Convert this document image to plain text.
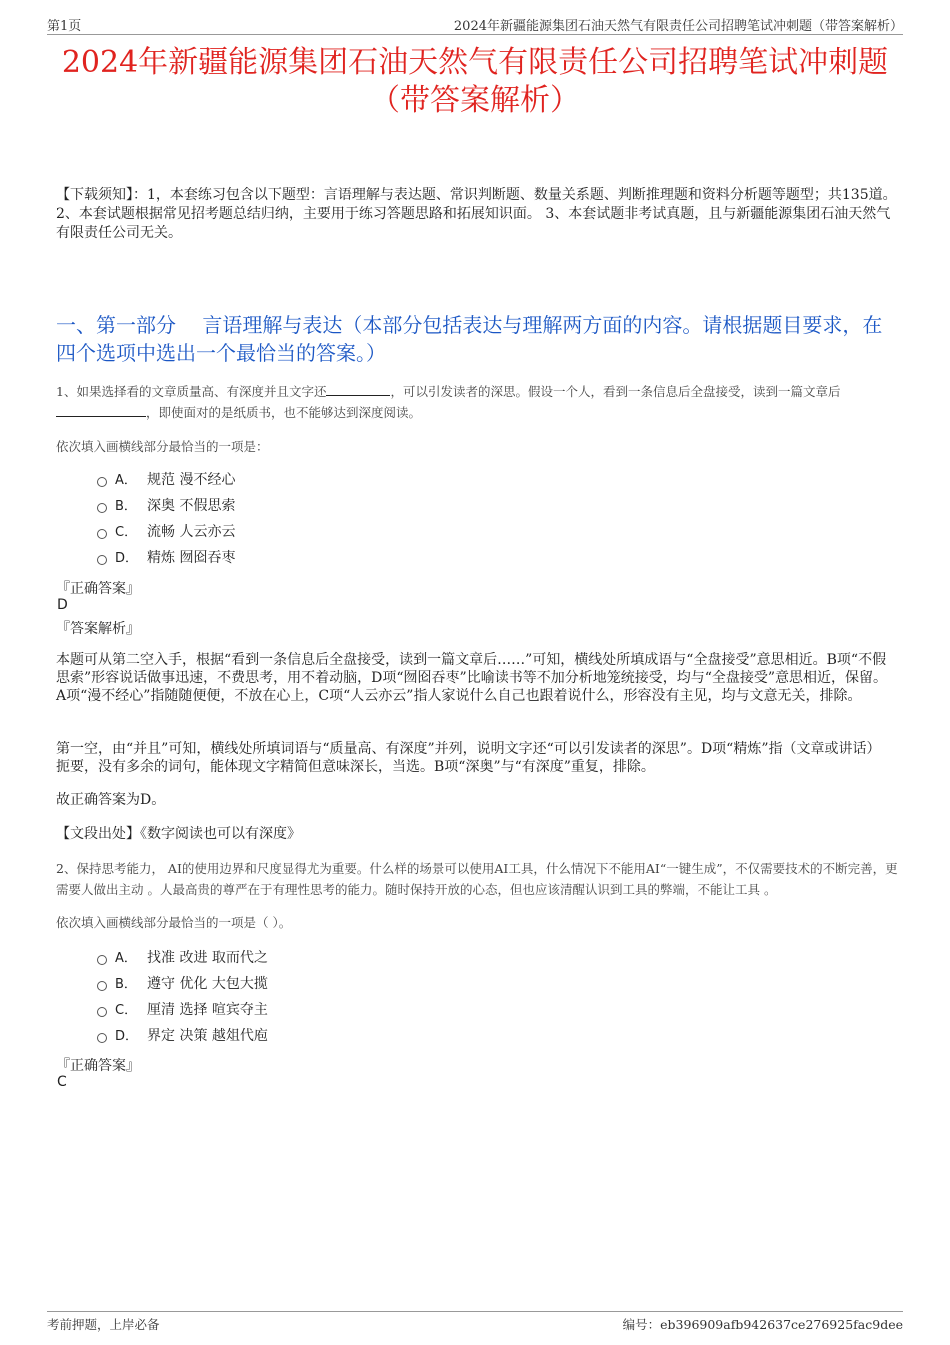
第1页	2024年新疆能源集团石油天然气有限责任公司招聘笔试冲刺题（带答案解析）
2024年新疆能源集团石油天然气有限责任公司招聘笔试冲刺题
（带答案解析）
【下载须知】：1，本套练习包含以下题型：言语理解与表达题、常识判断题、数量关系题、判断推理题和资料分析题等题型；共135道。 2、本套试题根据常见招考题总结归纳，主要用于练习答题思路和拓展知识面。 3、本套试题非考试真题，且与新疆能源集团石油天然气有限责任公司无关。
一、第一部分　 言语理解与表达（本部分包括表达与理解两方面的内容。请根据题目要求，在四个选项中选出一个最恰当的答案。）
1、如果选择看的文章质量高、有深度并且文字还	，可以引发读者的深思。假设一个人，看到一条信息后全盘接受，读到一篇文章后，即使面对的是纸质书，也不能够达到深度阅读。
依次填入画横线部分最恰当的一项是：
A． 规范 漫不经心
B． 深奥 不假思索
C． 流畅 人云亦云
D． 精炼 囫囵吞枣
『正确答案』
D
『答案解析』
本题可从第二空入手，根据“看到一条信息后全盘接受，读到一篇文章后……”可知，横线处所填成语与“全盘接受”意思相近。B项“不假思索”形容说话做事迅速，不费思考，用不着动脑，D项“囫囵吞枣”比喻读书等不加分析地笼统接受，均与“全盘接受”意思相近，保留。A项“漫不经心”指随随便便，不放在心上，C项“人云亦云”指人家说什么自己也跟着说什么，形容没有主见，均与文意无关，排除。
第一空，由“并且”可知，横线处所填词语与“质量高、有深度”并列，说明文字还“可以引发读者的深思”。D项“精炼”指（文章或讲话）扼要，没有多余的词句，能体现文字精简但意味深长，当选。B项“深奥”与“有深度”重复，排除。
故正确答案为D。
【文段出处】《数字阅读也可以有深度》
2、保持思考能力， AI的使用边界和尺度显得尤为重要。什么样的场景可以使用AI工具，什么情况下不能用AI“一键生成”，不仅需要技术的不断完善，更需要人做出主动 。人最高贵的尊严在于有理性思考的能力。随时保持开放的心态，但也应该清醒认识到工具的弊端，不能让工具 。
依次填入画横线部分最恰当的一项是（ ）。
A． 找准 改进 取而代之
B． 遵守 优化 大包大揽
C． 厘清 选择 喧宾夺主
D． 界定 决策 越俎代庖
『正确答案』
C
考前押题，上岸必备	编号：eb396909afb942637ce276925fac9dee
